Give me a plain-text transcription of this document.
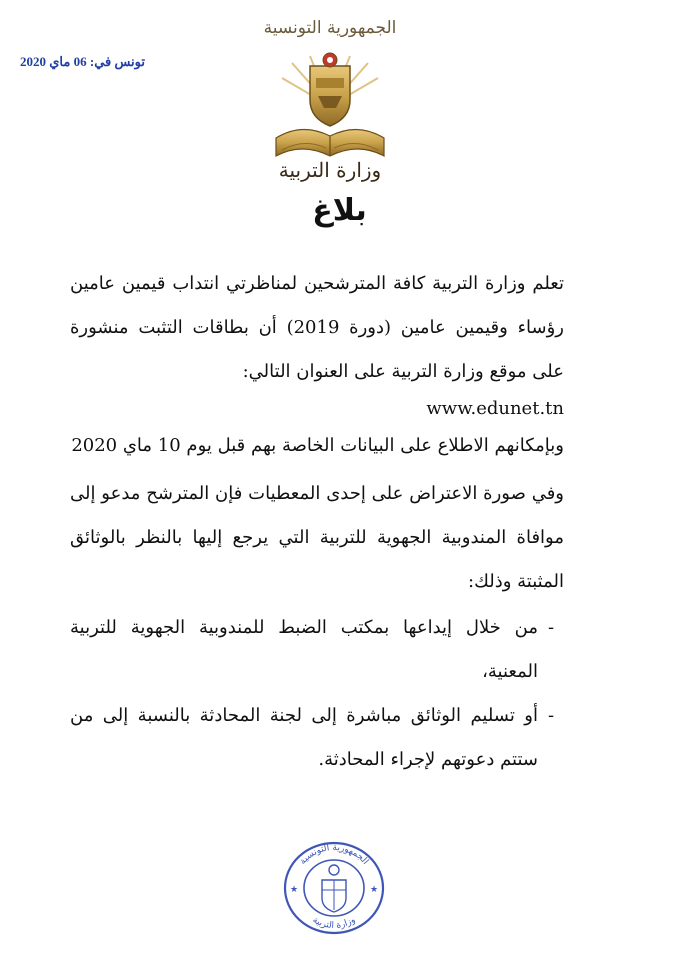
تونس في: 06 ماي 2020
الجمهورية التونسية
وزارة التربية
بلاغ

تعلم وزارة التربية كافة المترشحين لمناظرتي انتداب قيمين عامين رؤساء وقيمين عامين (دورة 2019) أن بطاقات التثبت منشورة على موقع وزارة التربية على العنوان التالي:

www.edunet.tn

وبإمكانهم الاطلاع على البيانات الخاصة بهم قبل يوم 10 ماي 2020

وفي صورة الاعتراض على إحدى المعطيات فإن المترشح مدعو إلى موافاة المندوبية الجهوية للتربية التي يرجع إليها بالنظر بالوثائق المثبتة وذلك:

-
من خلال إيداعها بمكتب الضبط للمندوبية الجهوية للتربية المعنية،
-
أو تسليم الوثائق مباشرة إلى لجنة المحادثة بالنسبة إلى من ستتم دعوتهم لإجراء المحادثة.
★	★
الجمهورية التونسية
وزارة التربية
